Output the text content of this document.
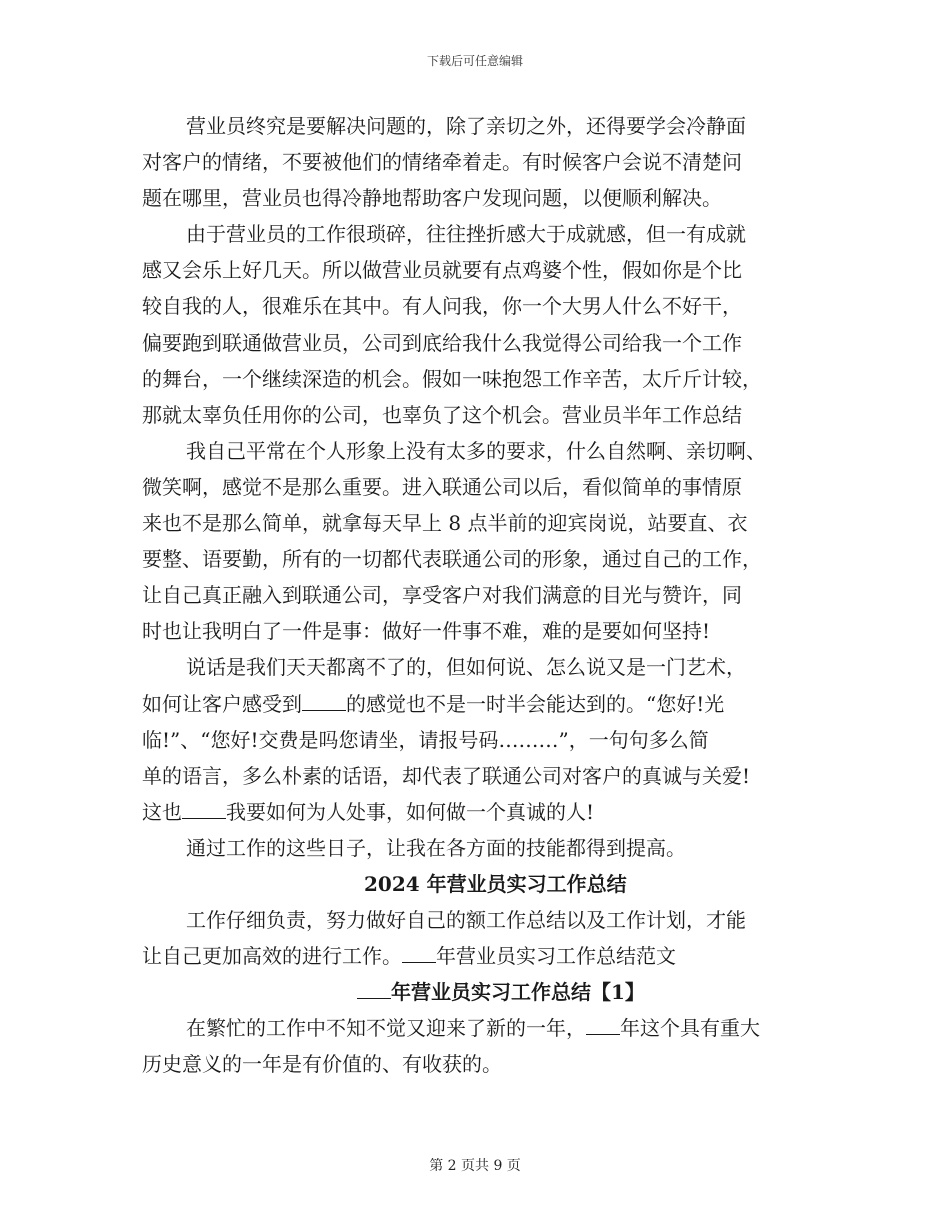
下载后可任意编辑
营业员终究是要解决问题的，除了亲切之外，还得要学会冷静面
对客户的情绪，不要被他们的情绪牵着走。有时候客户会说不清楚问
题在哪里，营业员也得冷静地帮助客户发现问题，以便顺利解决。
由于营业员的工作很琐碎，往往挫折感大于成就感，但一有成就
感又会乐上好几天。所以做营业员就要有点鸡婆个性，假如你是个比
较自我的人，很难乐在其中。有人问我，你一个大男人什么不好干，
偏要跑到联通做营业员，公司到底给我什么我觉得公司给我一个工作
的舞台，一个继续深造的机会。假如一味抱怨工作辛苦，太斤斤计较，
那就太辜负任用你的公司，也辜负了这个机会。营业员半年工作总结
我自己平常在个人形象上没有太多的要求，什么自然啊、亲切啊、
微笑啊，感觉不是那么重要。进入联通公司以后，看似简单的事情原
来也不是那么简单，就拿每天早上 8 点半前的迎宾岗说，站要直、衣
要整、语要勤，所有的一切都代表联通公司的形象，通过自己的工作，
让自己真正融入到联通公司，享受客户对我们满意的目光与赞许，同
时也让我明白了一件是事：做好一件事不难，难的是要如何坚持!
说话是我们天天都离不了的，但如何说、怎么说又是一门艺术，
如何让客户感受到 的感觉也不是一时半会能达到的。“您好!光
临!”、“您好!交费是吗您请坐，请报号码………”，一句句多么简
单的语言，多么朴素的话语，却代表了联通公司对客户的真诚与关爱!
这也 我要如何为人处事，如何做一个真诚的人!
通过工作的这些日子，让我在各方面的技能都得到提高。
2024 年营业员实习工作总结
工作仔细负责，努力做好自己的额工作总结以及工作计划，才能
让自己更加高效的进行工作。 年营业员实习工作总结范文
年营业员实习工作总结【1】
在繁忙的工作中不知不觉又迎来了新的一年， 年这个具有重大
历史意义的一年是有价值的、有收获的。
第 2 页共 9 页
